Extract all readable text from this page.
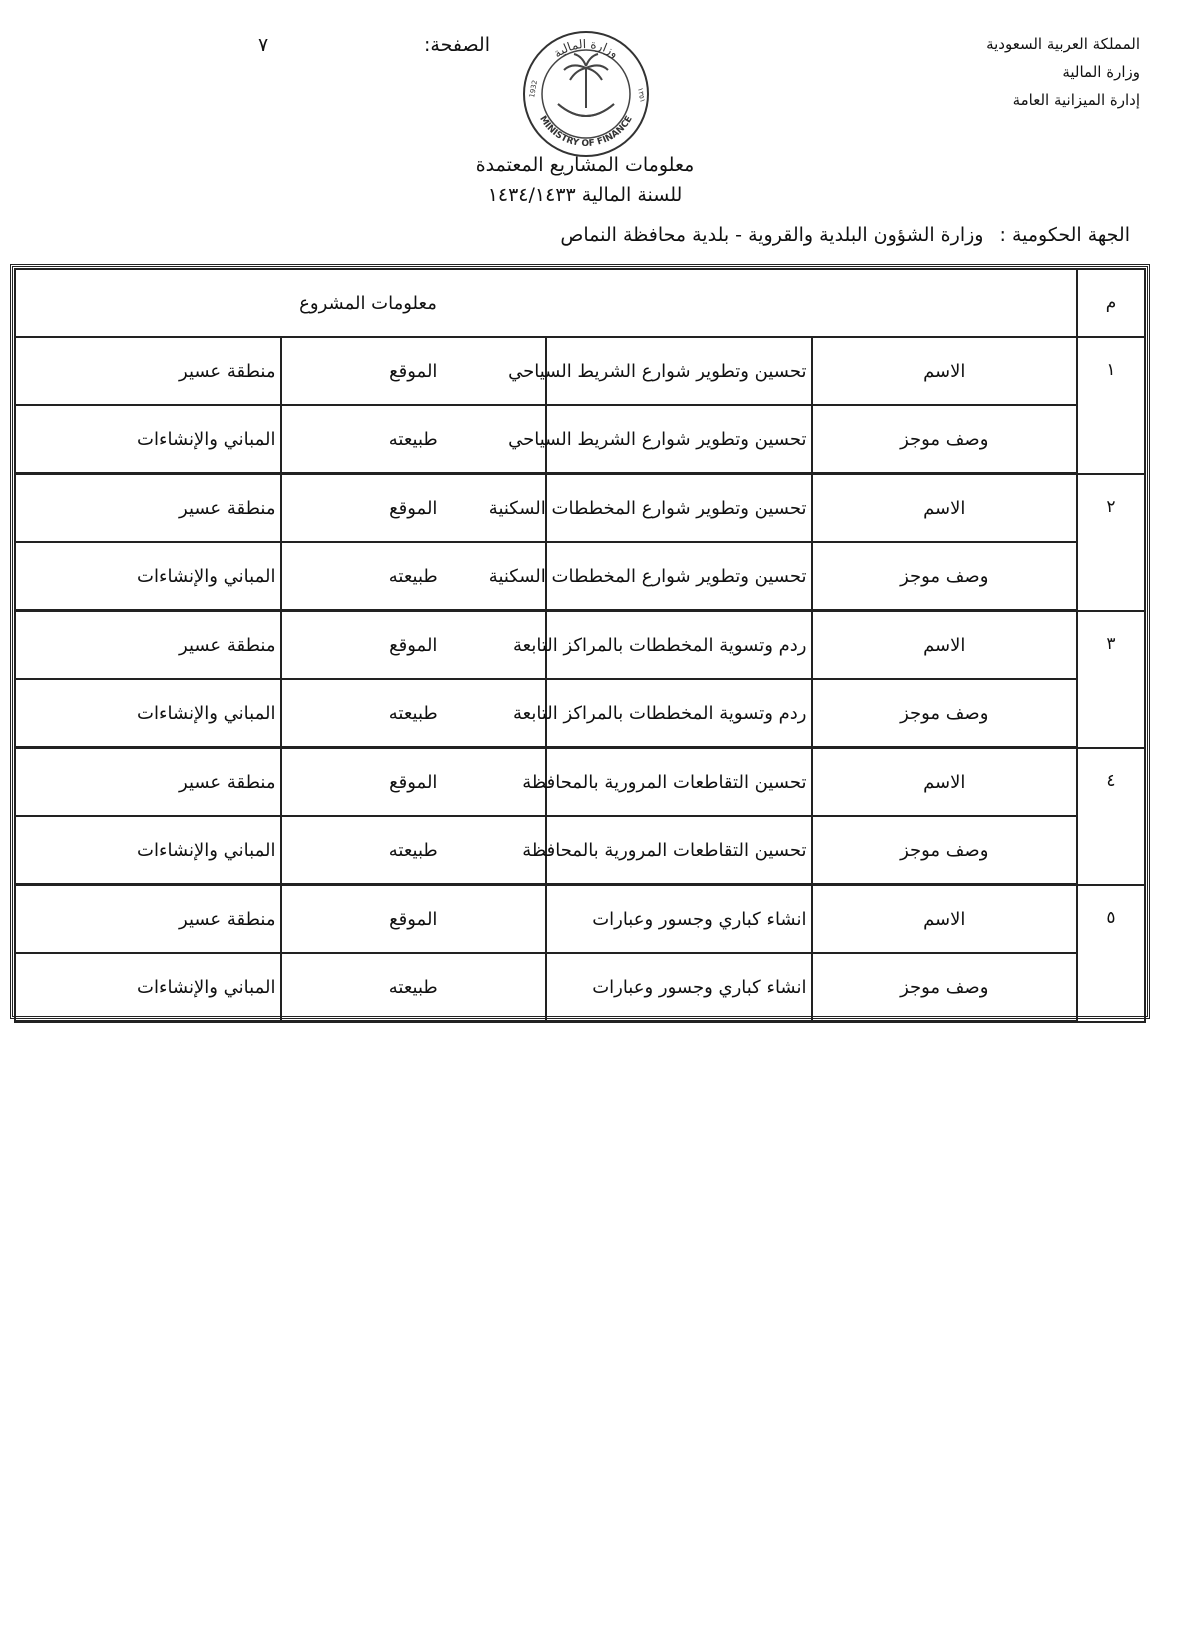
المملكة العربية السعودية
وزارة المالية
إدارة الميزانية العامة
وزارة المالية
MINISTRY OF FINANCE
1932	١٣٥١
الصفحة:
٧
معلومات المشاريع المعتمدة
للسنة المالية ١٤٣٤/١٤٣٣
الجهة الحكومية : وزارة الشؤون البلدية والقروية - بلدية محافظة النماص
م	معلومات المشروع			
١	الاسم	تحسين وتطوير شوارع الشريط السياحي	الموقع	منطقة عسير
	وصف موجز	تحسين وتطوير شوارع الشريط السياحي	طبيعته	المباني والإنشاءات
٢	الاسم	تحسين وتطوير شوارع المخططات السكنية	الموقع	منطقة عسير
	وصف موجز	تحسين وتطوير شوارع المخططات السكنية	طبيعته	المباني والإنشاءات
٣	الاسم	ردم وتسوية المخططات بالمراكز التابعة	الموقع	منطقة عسير
	وصف موجز	ردم وتسوية المخططات بالمراكز التابعة	طبيعته	المباني والإنشاءات
٤	الاسم	تحسين التقاطعات المرورية بالمحافظة	الموقع	منطقة عسير
	وصف موجز	تحسين التقاطعات المرورية بالمحافظة	طبيعته	المباني والإنشاءات
٥	الاسم	انشاء كباري وجسور وعبارات	الموقع	منطقة عسير
	وصف موجز	انشاء كباري وجسور وعبارات	طبيعته	المباني والإنشاءات
